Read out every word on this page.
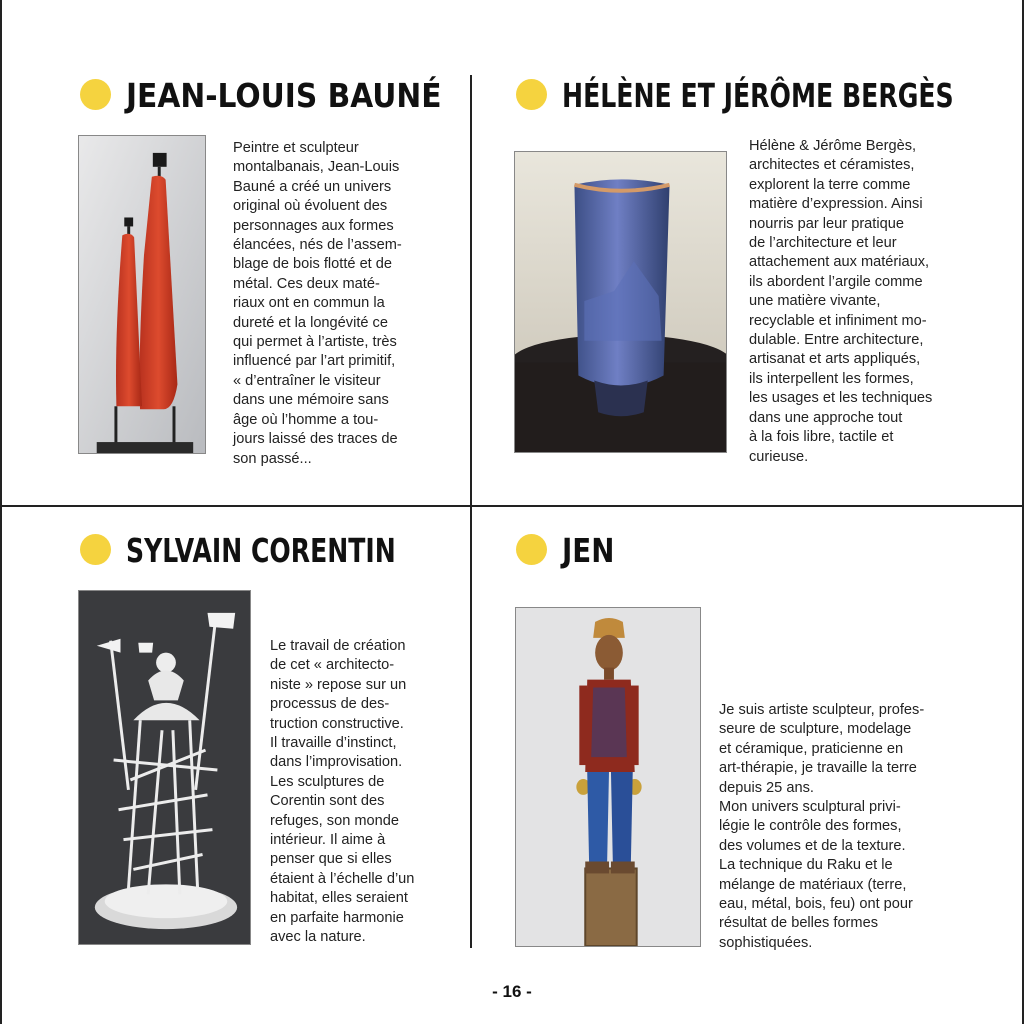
JEAN-LOUIS BAUNÉ

Peintre et sculpteur
montalbanais, Jean-Louis
Bauné a créé un univers
original où évoluent des
personnages aux formes
élancées, nés de l’assem-
blage de bois flotté et de
métal. Ces deux maté-
riaux ont en commun la
dureté et la longévité ce
qui permet à l’artiste, très
influencé par l’art primitif,
« d’entraîner le visiteur
dans une mémoire sans
âge où l’homme a tou-
jours laissé des traces de
son passé...

HÉLÈNE ET JÉRÔME BERGÈS

Hélène & Jérôme Bergès,
architectes et céramistes,
explorent la terre comme
matière d’expression. Ainsi
nourris par leur pratique
de l’architecture et leur
attachement aux matériaux,
ils abordent l’argile comme
une matière vivante,
recyclable et infiniment mo-
dulable. Entre architecture,
artisanat et arts appliqués,
ils interpellent les formes,
les usages et les techniques
dans une approche tout
à la fois libre, tactile et
curieuse.

SYLVAIN CORENTIN

Le travail de création
de cet « architecto-
niste » repose sur un
processus de des-
truction constructive.
Il travaille d’instinct,
dans l’improvisation.
Les sculptures de
Corentin sont des
refuges, son monde
intérieur. Il aime à
penser que si elles
étaient à l’échelle d’un
habitat, elles seraient
en parfaite harmonie
avec la nature.

JEN

Je suis artiste sculpteur, profes-
seure de sculpture, modelage
et céramique, praticienne en
art-thérapie, je travaille la terre
depuis 25 ans.
Mon univers sculptural privi-
légie le contrôle des formes,
des volumes et de la texture.
La technique du Raku et le
mélange de matériaux (terre,
eau, métal, bois, feu) ont pour
résultat de belles formes
sophistiquées.

- 16 -
